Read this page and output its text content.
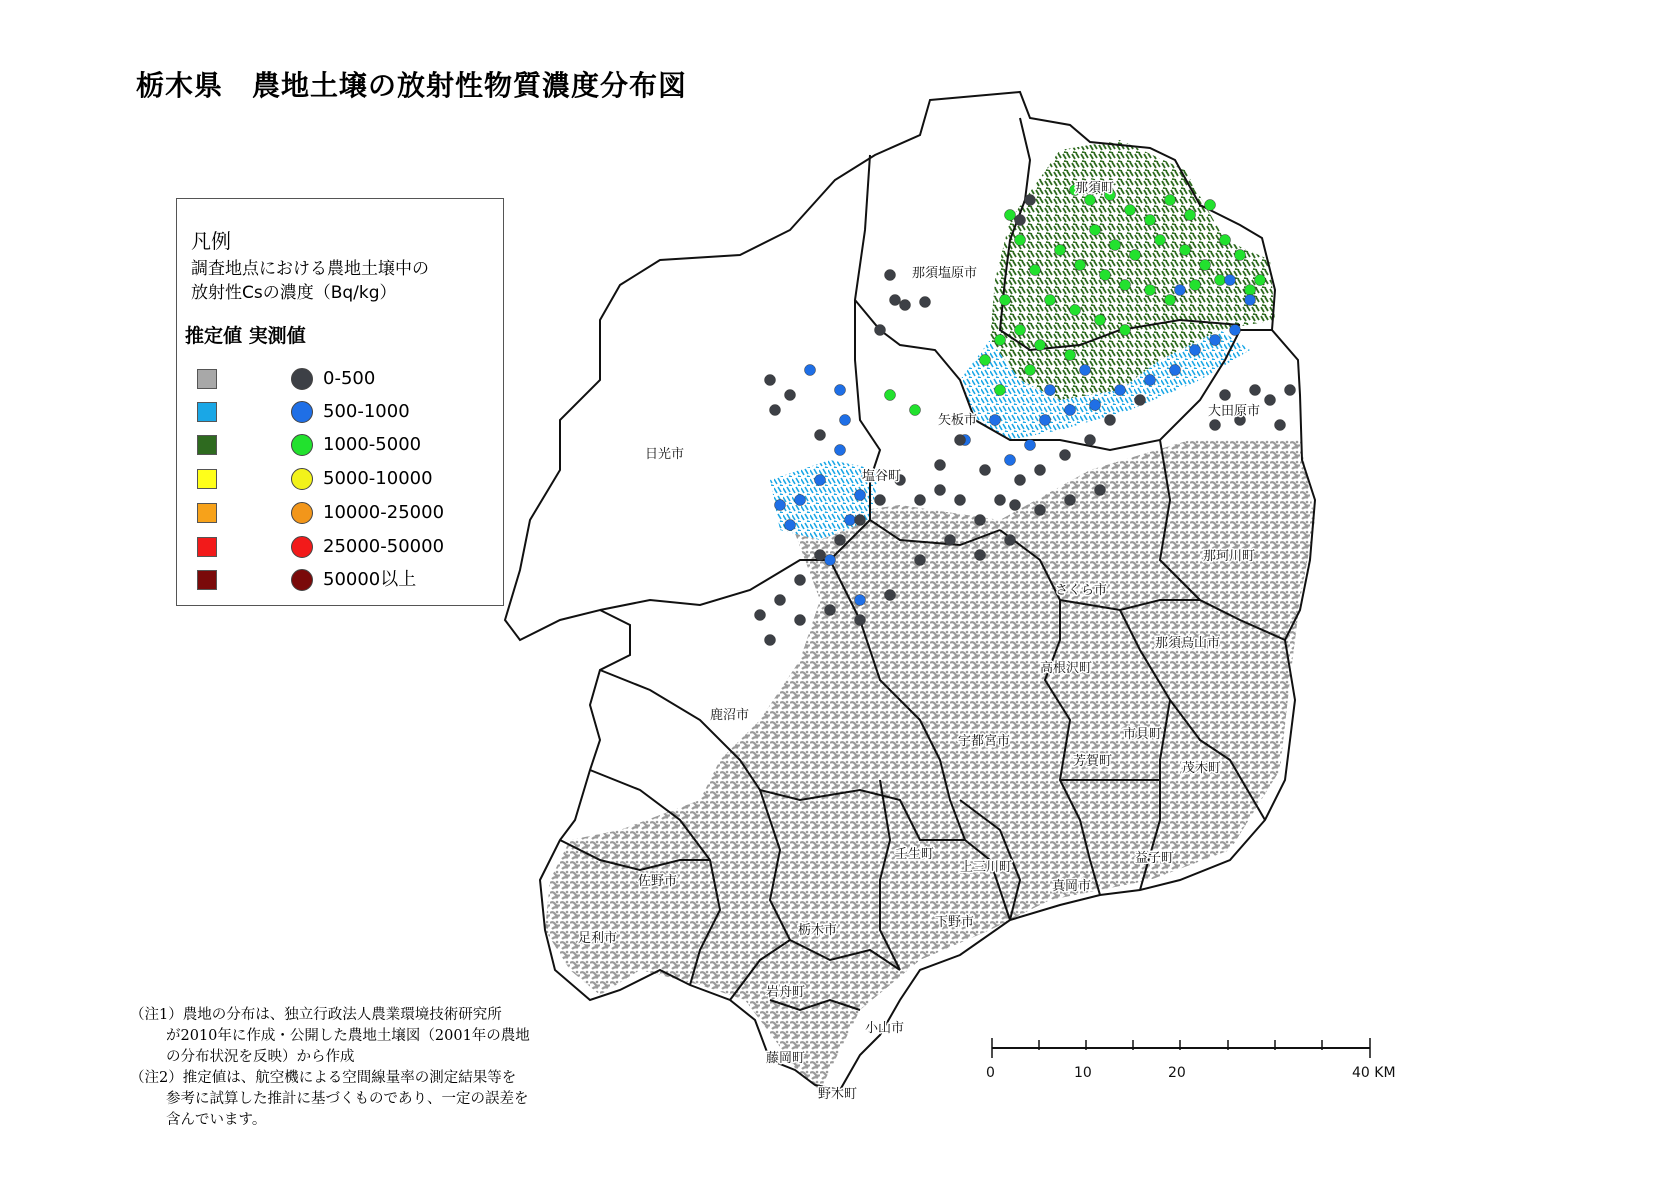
栃木県　農地土壌の放射性物質濃度分布図
那須町
那須塩原市
大田原市
矢板市
日光市
塩谷町
那珂川町
さくら市
那須烏山市
高根沢町
鹿沼市
宇都宮市	市貝町
芳賀町	茂木町
壬生町
上三川町
益子町
真岡市
佐野市
下野市
栃木市
足利市
岩舟町
小山市
藤岡町
野木町
0	10	20	40 KM
凡例
調査地点における農地土壌中の
放射性Csの濃度（Bq/kg）
推定値 実測値
0-500
500-1000
1000-5000
5000-10000
10000-25000
25000-50000
50000以上
（注1）農地の分布は、独立行政法人農業環境技術研究所
が2010年に作成・公開した農地土壌図（2001年の農地
の分布状況を反映）から作成
（注2）推定値は、航空機による空間線量率の測定結果等を
参考に試算した推計に基づくものであり、一定の誤差を
含んでいます。
